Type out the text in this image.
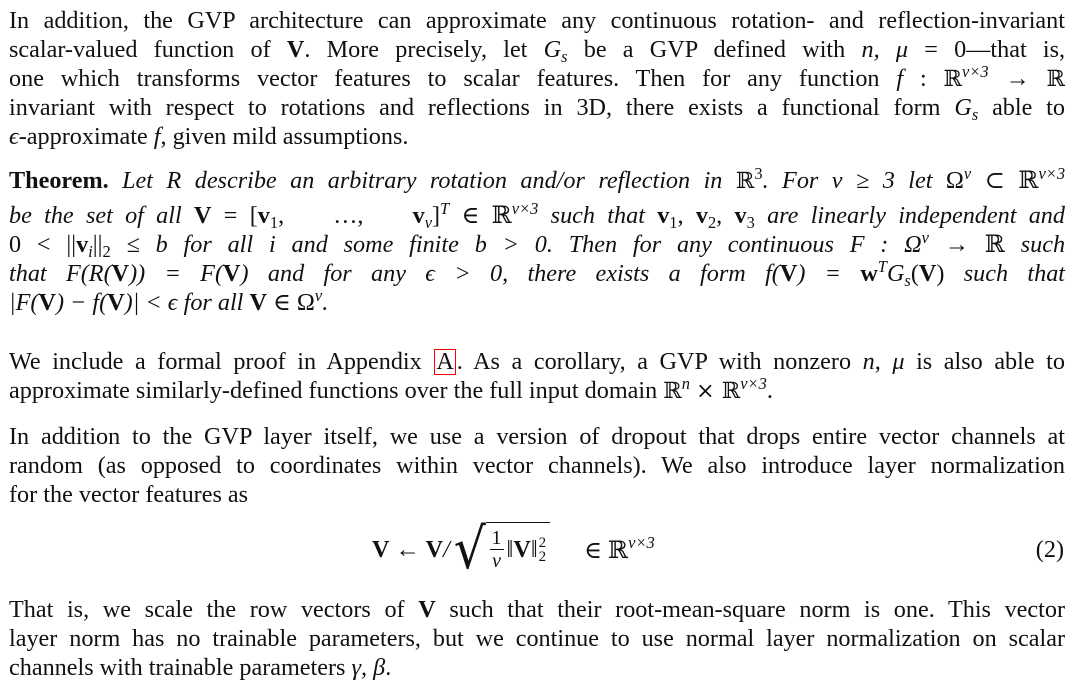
In addition, the GVP architecture can approximate any continuous rotation- and reflection-invariant
scalar-valued function of V. More precisely, let $G_s$ be a GVP defined with n, μ = 0—that is,
one which transforms vector features to scalar features. Then for any function f : ℝ$^{\nu\times 3}$ → ℝ
invariant with respect to rotations and reflections in 3D, there exists a functional form $G_s$ able to
ϵ-approximate f, given mild assumptions.
Theorem. Let R describe an arbitrary rotation and/or reflection in ℝ$^3$. For ν ≥ 3 let $\Omega^\nu$ ⊂ ℝ$^{\nu\times 3}$
be the set of all $V = [v_1$,    …,    $v_\nu]^T$ ∈ ℝ$^{\nu\times 3}$ such that $v_1$, $v_2$, $v_3$ are linearly independent and
$0 < ||v_i||_2 \le b$ for all i and some finite b > 0. Then for any continuous F : $\Omega^\nu$ → ℝ such
that F(R(V)) = F(V) and for any ϵ > 0, there exists a form $f(V) = w^TG_s(V)$ such that
|F(V) − f(V)| < ϵ for all V ∈ $\Omega^\nu$.
We include a formal proof in Appendix A . As a corollary, a GVP with nonzero n, μ is also able to
approximate similarly-defined functions over the full input domain ℝ$^n$ × ℝ$^{\nu\times 3}$.
In addition to the GVP layer itself, we use a version of dropout that drops entire vector channels at
random (as opposed to coordinates within vector channels). We also introduce layer normalization
for the vector features as
V ← V / √ $\frac{1}{\nu}$ ‖ V ‖ 2
2 ∈ ℝ$^{\nu\times 3}$	(2)
That is, we scale the row vectors of V such that their root-mean-square norm is one. This vector
layer norm has no trainable parameters, but we continue to use normal layer normalization on scalar
channels with trainable parameters γ, β.
